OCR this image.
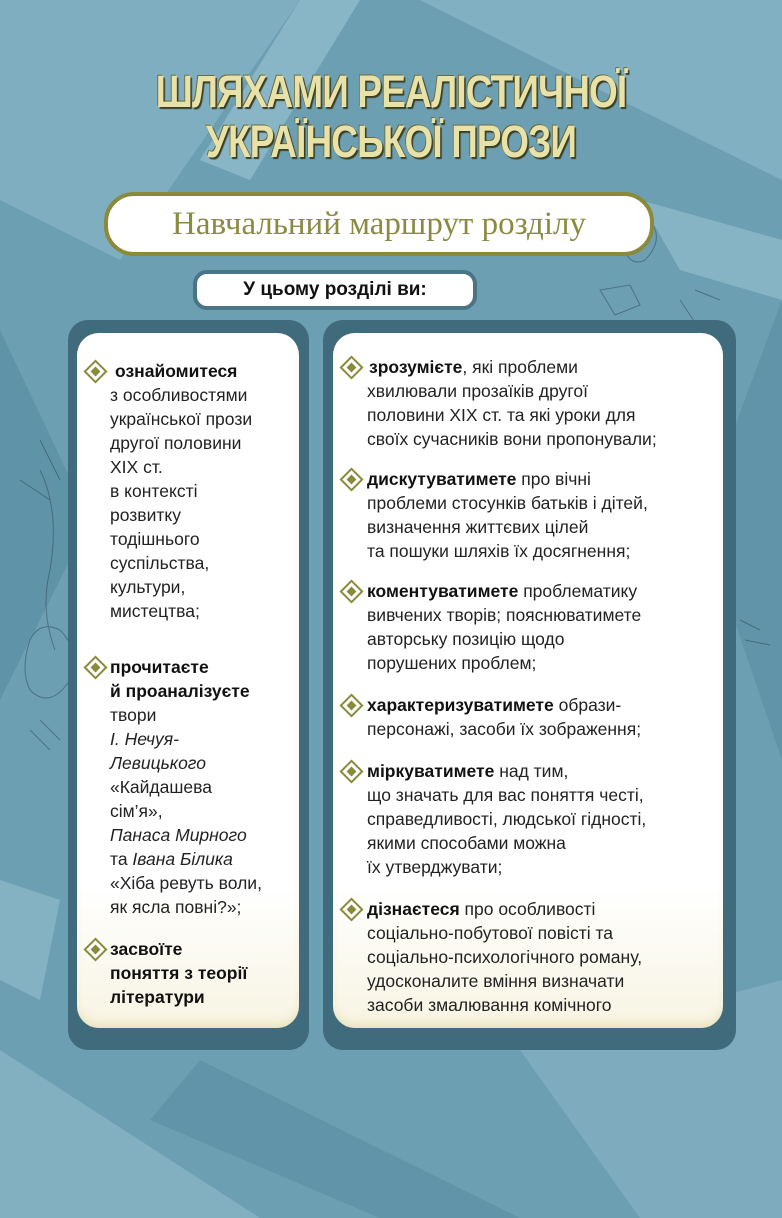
ШЛЯХАМИ РЕАЛІСТИЧНОЇ
УКРАЇНСЬКОЇ ПРОЗИ
Навчальний маршрут розділу
У цьому розділі ви:
ознайомитеся
з особливостями
української прози
другої половини
XIX ст.
в контексті
розвитку
тодішнього
суспільства,
культури,
мистецтва;
прочитаєте
й проаналізуєте
твори
І. Нечуя-
Левицького
«Кайдашева
сім’я»,
Панаса Мирного
та Івана Білика
«Хіба ревуть воли,
як ясла повні?»;
засвоїте
поняття з теорії
літератури
зрозумієте, які проблеми
хвилювали прозаїків другої
половини XIX ст. та які уроки для
своїх сучасників вони пропонували;
дискутуватимете про вічні
проблеми стосунків батьків і дітей,
визначення життєвих цілей
та пошуки шляхів їх досягнення;
коментуватимете проблематику
вивчених творів; пояснюватимете
авторську позицію щодо
порушених проблем;
характеризуватимете образи-
персонажі, засоби їх зображення;
міркуватимете над тим,
що значать для вас поняття честі,
справедливості, людської гідності,
якими способами можна
їх утверджувати;
дізнаєтеся про особливості
соціально-побутової повісті та
соціально-психологічного роману,
удосконалите вміння визначати
засоби змалювання комічного
